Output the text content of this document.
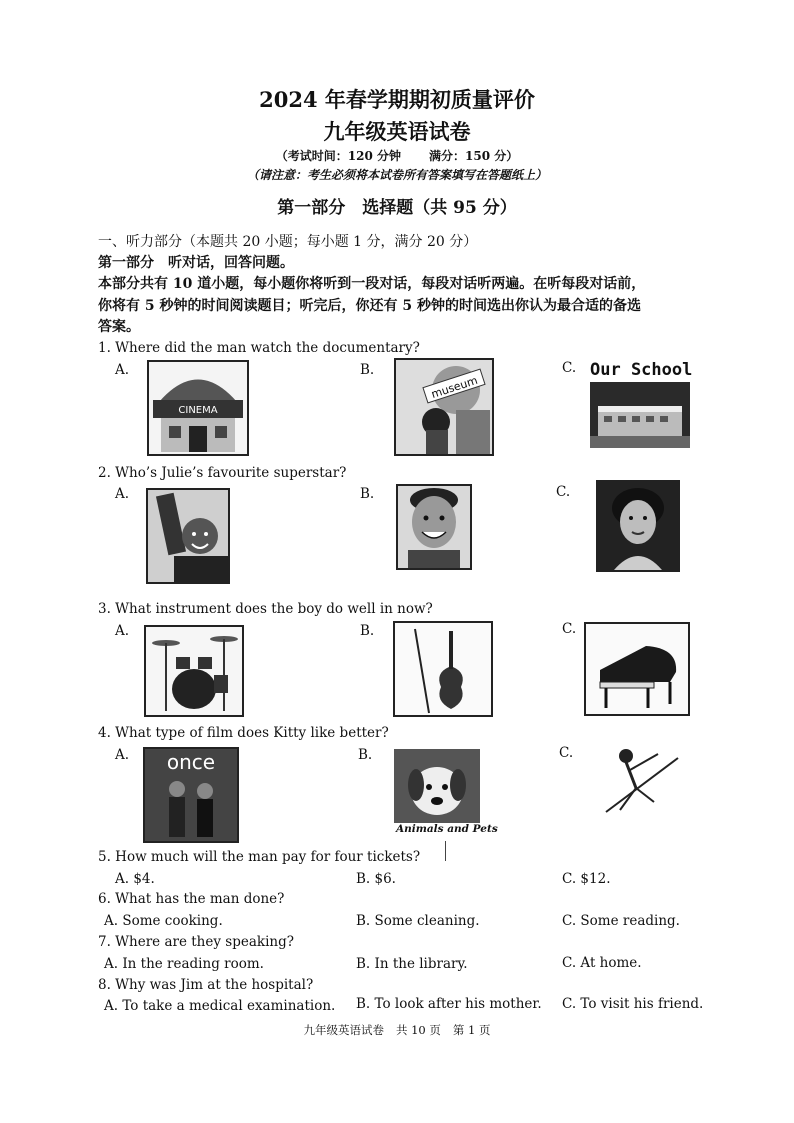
2024 年春学期期初质量评价
九年级英语试卷
（考试时间：120 分钟 满分：150 分）
（请注意：考生必须将本试卷所有答案填写在答题纸上）
第一部分　选择题（共 95 分）
一、听力部分（本题共 20 小题；每小题 1 分，满分 20 分）
第一部分　听对话，回答问题。
本部分共有 10 道小题，每小题你将听到一段对话，每段对话听两遍。在听每段对话前，
你将有 5 秒钟的时间阅读题目；听完后，你还有 5 秒钟的时间选出你认为最合适的备选
答案。
1. Where did the man watch the documentary?
A.	B.	C.
CINEMA
museum
Our School
2. Who’s Julie’s favourite superstar?
A.	B.	C.
3. What instrument does the boy do well in now?
A.	B.	C.
4. What type of film does Kitty like better?
A.	B.	C.
once
Animals and Pets
5. How much will the man pay for four tickets?
A. $4.	B. $6.	C. $12.
6. What has the man done?
A. Some cooking.	B. Some cleaning.	C. Some reading.
7. Where are they speaking?
A. In the reading room.	B. In the library.	C. At home.
8. Why was Jim at the hospital?
A. To take a medical examination. B. To look after his mother. C. To visit his friend.
九年级英语试卷 共 10 页 第 1 页
